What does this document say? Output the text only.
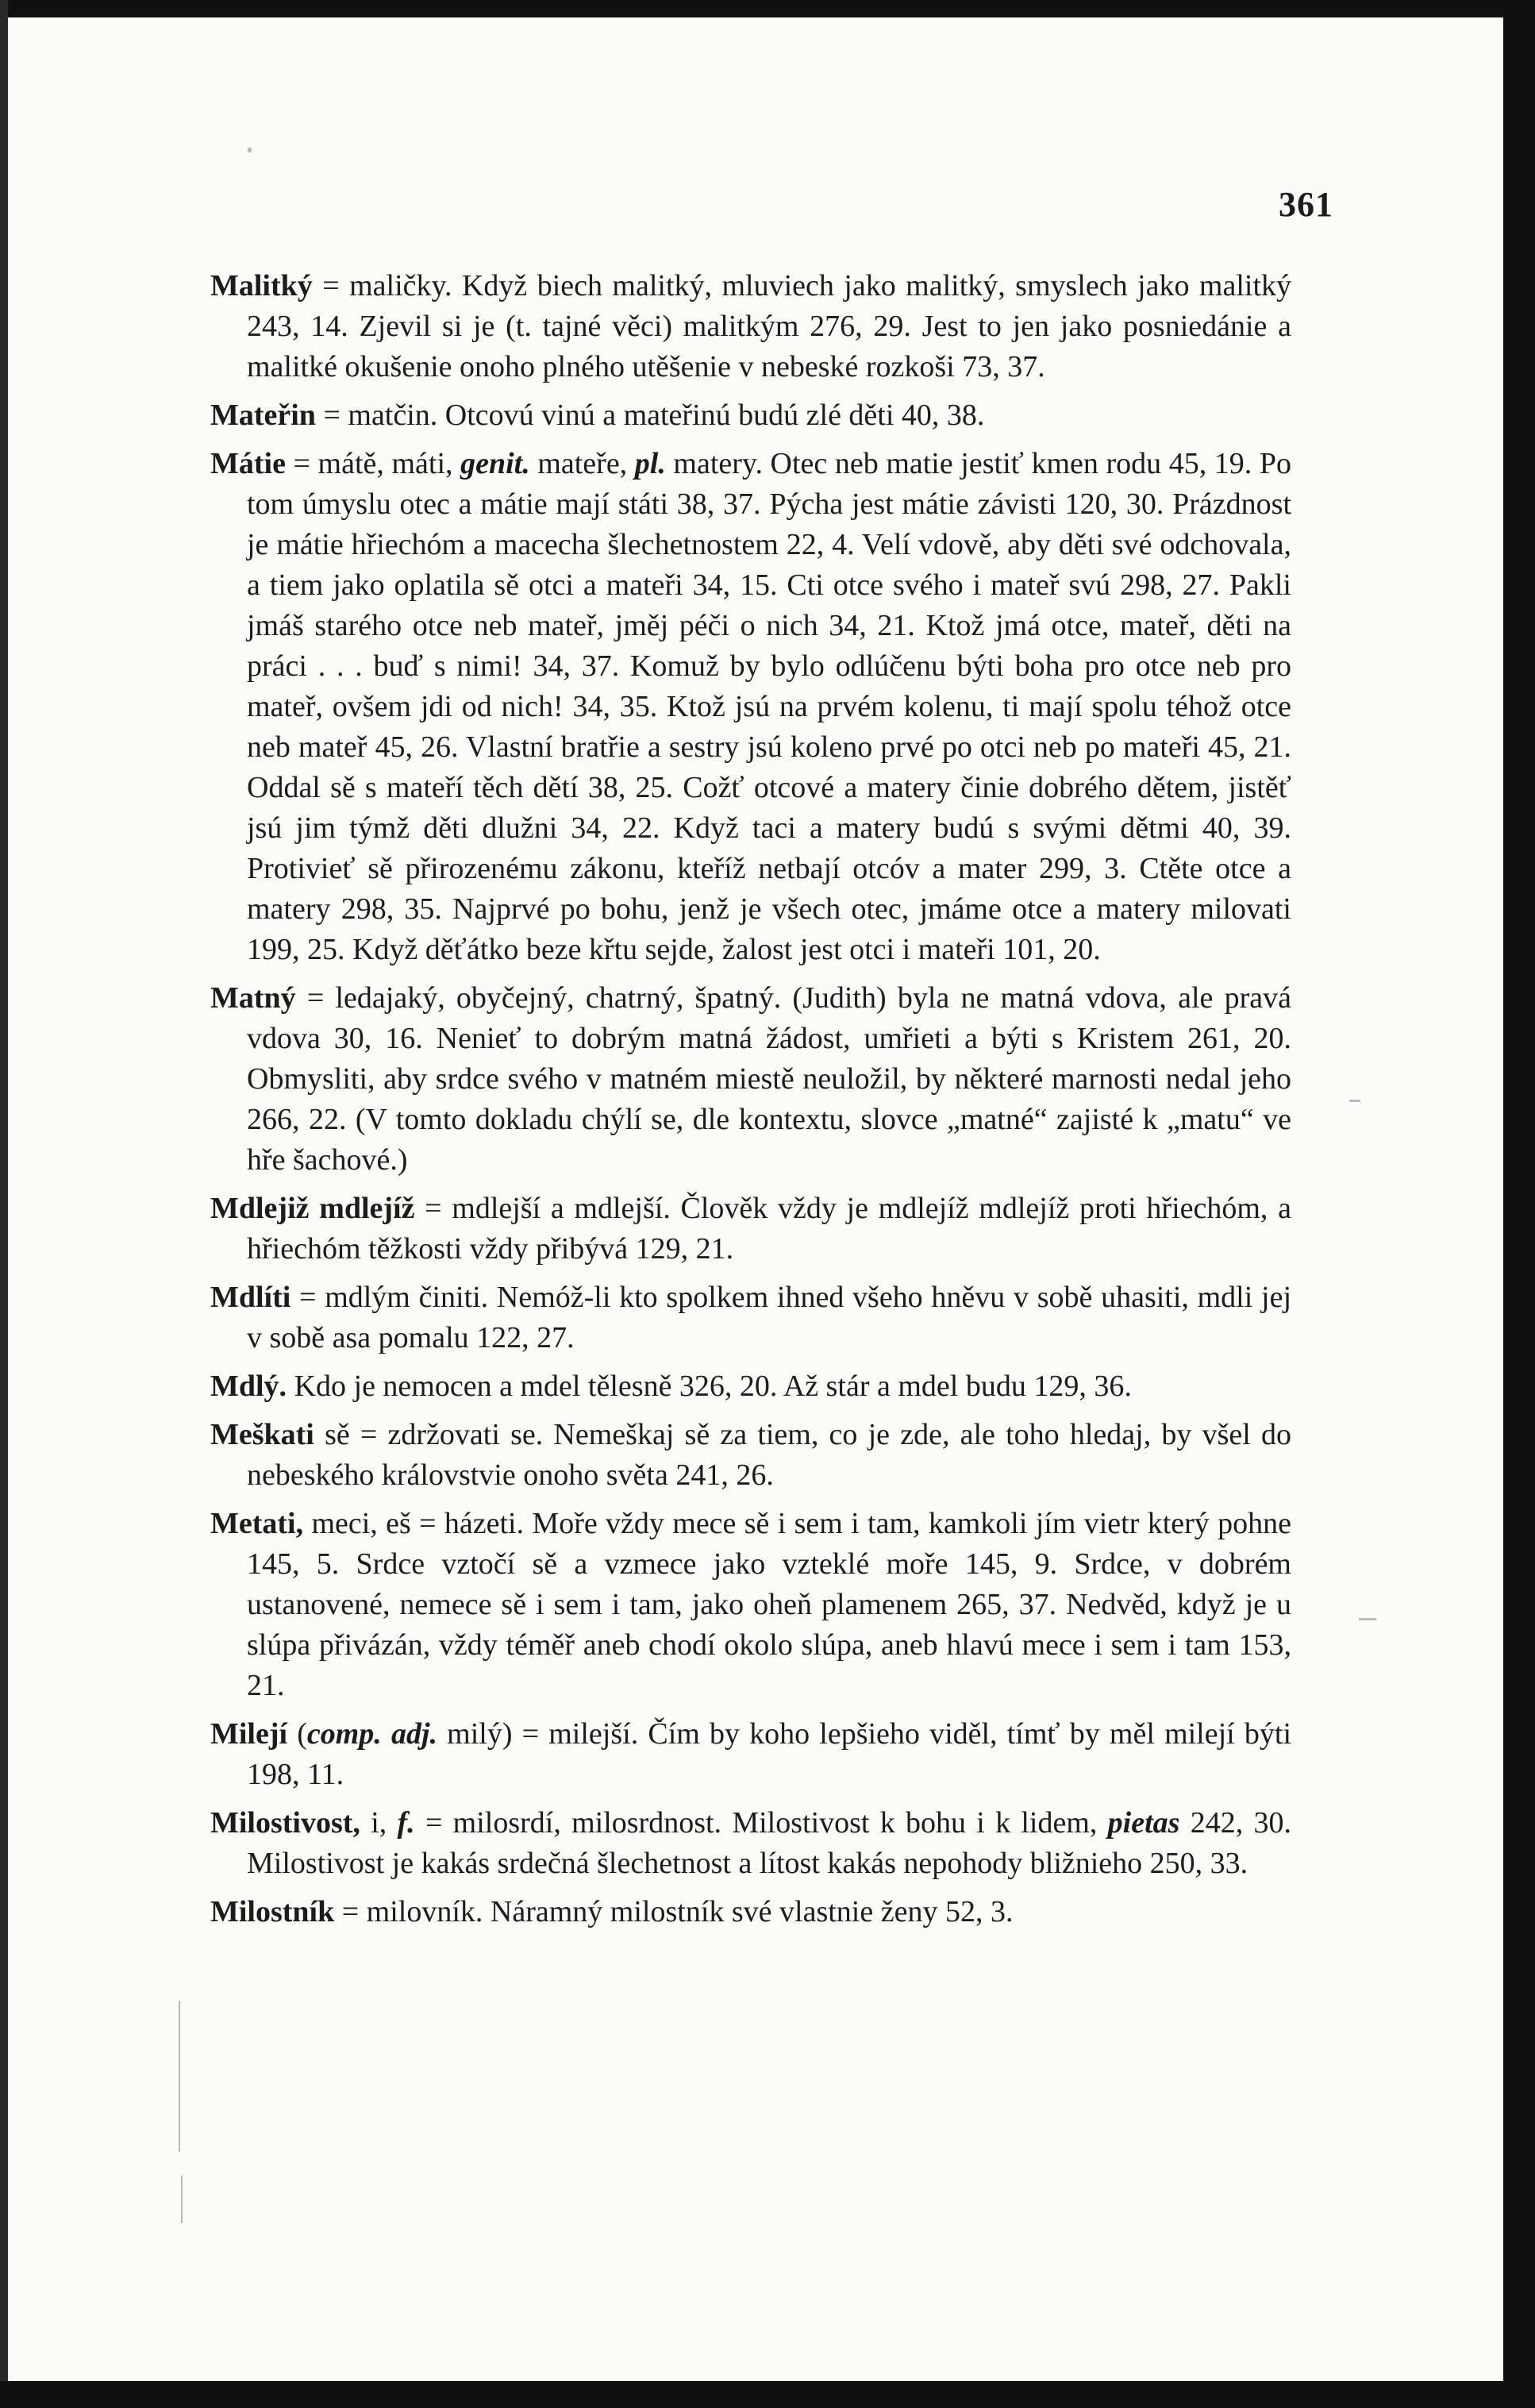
361

Malitký = maličky. Když biech malitký, mluviech jako malitký, smyslech jako malitký 243, 14. Zjevil si je (t. tajné věci) malitkým 276, 29. Jest to jen jako posniedánie a malitké okušenie onoho plného utěšenie v nebeské rozkoši 73, 37.

Mateřin = matčin. Otcovú vinú a mateřinú budú zlé děti 40, 38.

Mátie = mátě, máti, genit. mateře, pl. matery. Otec neb matie jestiť kmen rodu 45, 19. Po tom úmyslu otec a mátie mají státi 38, 37. Pýcha jest mátie závisti 120, 30. Prázdnost je mátie hřiechóm a macecha šlechetnostem 22, 4. Velí vdově, aby děti své odchovala, a tiem jako oplatila sě otci a mateři 34, 15. Cti otce svého i mateř svú 298, 27. Pakli jmáš starého otce neb mateř, jměj péči o nich 34, 21. Ktož jmá otce, mateř, děti na práci . . . buď s nimi! 34, 37. Komuž by bylo odlúčenu býti boha pro otce neb pro mateř, ovšem jdi od nich! 34, 35. Ktož jsú na prvém kolenu, ti mají spolu téhož otce neb mateř 45, 26. Vlastní bratřie a sestry jsú koleno prvé po otci neb po mateři 45, 21. Oddal sě s mateří těch dětí 38, 25. Cožť otcové a matery činie dobrého dětem, jistěť jsú jim týmž děti dlužni 34, 22. Když taci a matery budú s svými dětmi 40, 39. Protivieť sě přirozenému zákonu, kteříž netbají otcóv a mater 299, 3. Ctěte otce a matery 298, 35. Najprvé po bohu, jenž je všech otec, jmáme otce a matery milovati 199, 25. Když děťátko beze křtu sejde, žalost jest otci i mateři 101, 20.

Matný = ledajaký, obyčejný, chatrný, špatný. (Judith) byla ne matná vdova, ale pravá vdova 30, 16. Nenieť to dobrým matná žádost, umřieti a býti s Kristem 261, 20. Obmysliti, aby srdce svého v matném miestě neuložil, by některé marnosti nedal jeho 266, 22. (V tomto dokladu chýlí se, dle kontextu, slovce „matné“ zajisté k „matu“ ve hře šachové.)

Mdlejiž mdlejíž = mdlejší a mdlejší. Člověk vždy je mdlejíž mdlejíž proti hřiechóm, a hřiechóm těžkosti vždy přibývá 129, 21.

Mdlíti = mdlým činiti. Nemóž-li kto spolkem ihned všeho hněvu v sobě uhasiti, mdli jej v sobě asa pomalu 122, 27.

Mdlý. Kdo je nemocen a mdel tělesně 326, 20. Až stár a mdel budu 129, 36.

Meškati sě = zdržovati se. Nemeškaj sě za tiem, co je zde, ale toho hledaj, by všel do nebeského královstvie onoho světa 241, 26.

Metati, meci, eš = házeti. Moře vždy mece sě i sem i tam, kamkoli jím vietr který pohne 145, 5. Srdce vztočí sě a vzmece jako vzteklé moře 145, 9. Srdce, v dobrém ustanovené, nemece sě i sem i tam, jako oheň plamenem 265, 37. Nedvěd, když je u slúpa přivázán, vždy téměř aneb chodí okolo slúpa, aneb hlavú mece i sem i tam 153, 21.

Milejí (comp. adj. milý) = milejší. Čím by koho lepšieho viděl, tímť by měl milejí býti 198, 11.

Milostivost, i, f. = milosrdí, milosrdnost. Milostivost k bohu i k lidem, pietas 242, 30. Milostivost je kakás srdečná šlechetnost a lítost kakás nepohody bližnieho 250, 33.

Milostník = milovník. Náramný milostník své vlastnie ženy 52, 3.
